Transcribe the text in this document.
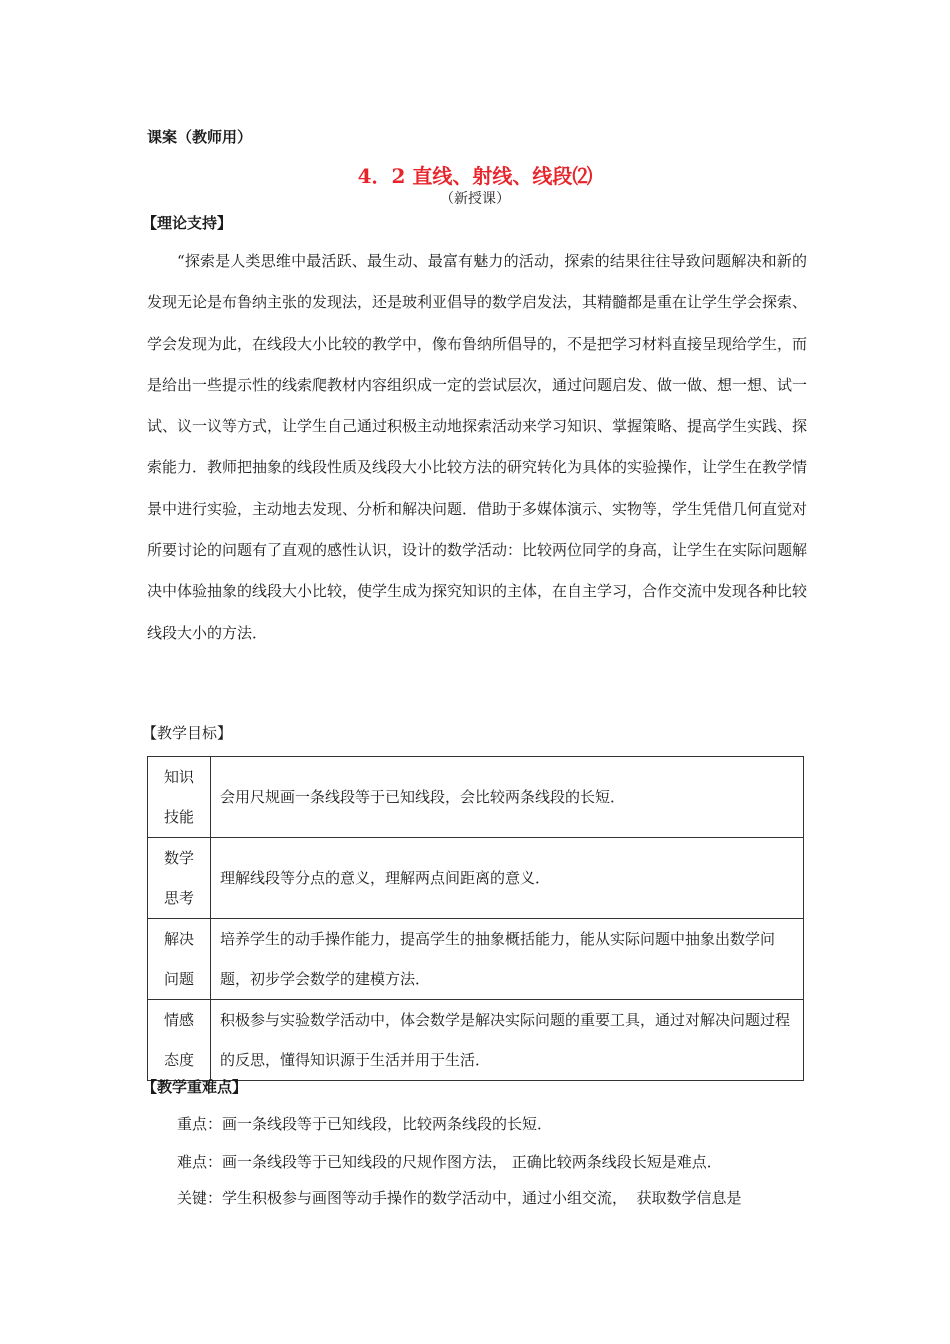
课案（教师用）
4．2 直线、射线、线段⑵
（新授课）
【理论支持】

“探索是人类思维中最活跃、最生动、最富有魅力的活动，探索的结果往往导致问题解决和新的发现无论是布鲁纳主张的发现法，还是玻利亚倡导的数学启发法，其精髓都是重在让学生学会探索、学会发现为此，在线段大小比较的教学中，像布鲁纳所倡导的，不是把学习材料直接呈现给学生，而是给出一些提示性的线索爬教材内容组织成一定的尝试层次，通过问题启发、做一做、想一想、试一试、议一议等方式，让学生自己通过积极主动地探索活动来学习知识、掌握策略、提高学生实践、探索能力．教师把抽象的线段性质及线段大小比较方法的研究转化为具体的实验操作，让学生在教学情景中进行实验，主动地去发现、分析和解决问题．借助于多媒体演示、实物等，学生凭借几何直觉对所要讨论的问题有了直观的感性认识，设计的数学活动：比较两位同学的身高，让学生在实际问题解决中体验抽象的线段大小比较，使学生成为探究知识的主体，在自主学习，合作交流中发现各种比较线段大小的方法．

【教学目标】
知识
技能	会用尺规画一条线段等于已知线段，会比较两条线段的长短．

数学
思考	理解线段等分点的意义，理解两点间距离的意义．

解决
问题	培养学生的动手操作能力，提高学生的抽象概括能力，能从实际问题中抽象出数学问题，初步学会数学的建模方法．

情感
态度	积极参与实验数学活动中，体会数学是解决实际问题的重要工具，通过对解决问题过程的反思，懂得知识源于生活并用于生活．
【教学重难点】
重点：画一条线段等于已知线段，比较两条线段的长短．
难点：画一条线段等于已知线段的尺规作图方法， 正确比较两条线段长短是难点．
关键：学生积极参与画图等动手操作的数学活动中，通过小组交流，  获取数学信息是
